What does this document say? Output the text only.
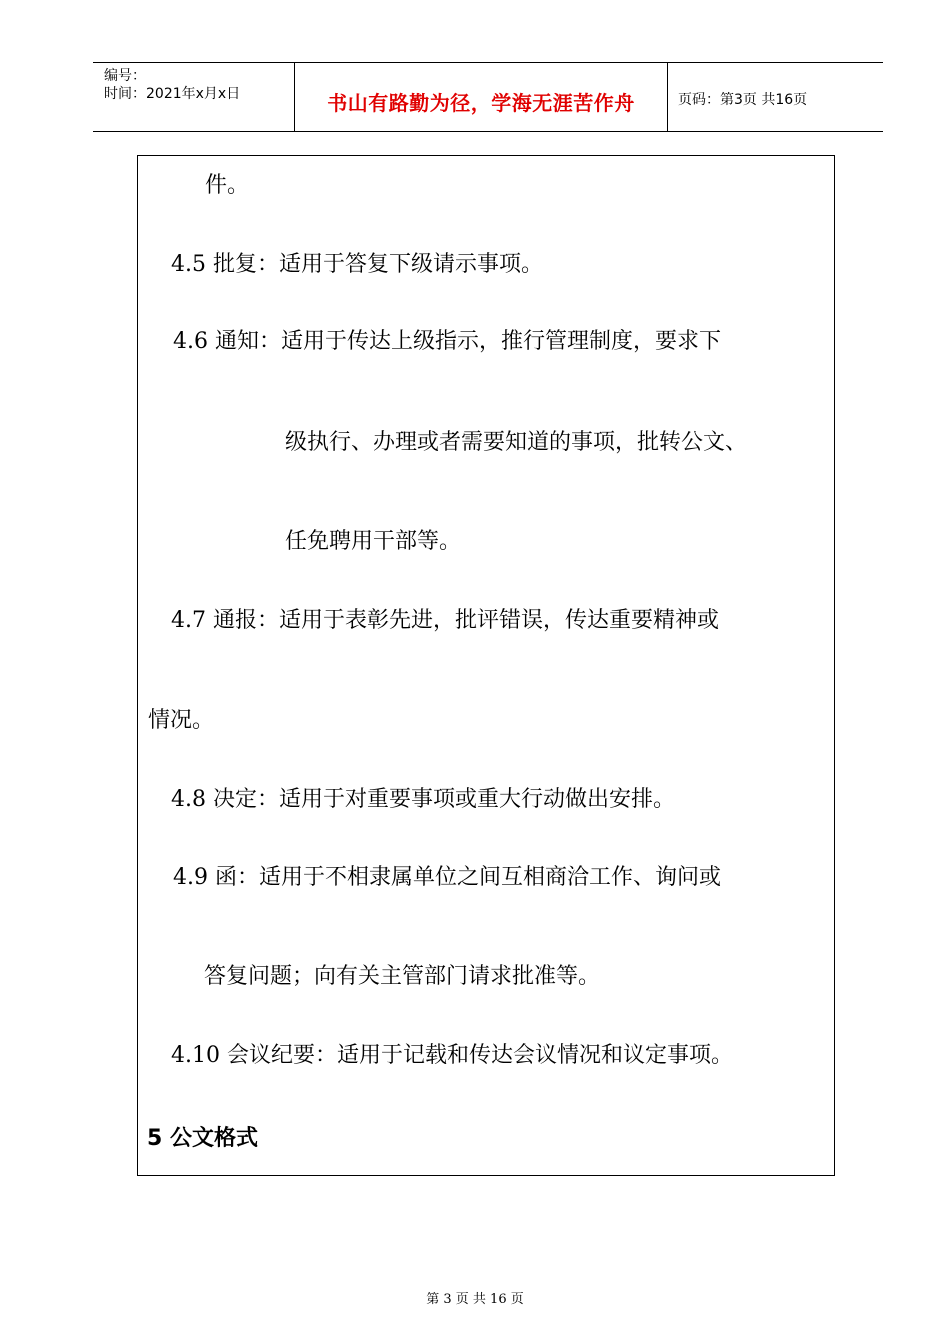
编号：
时间：2021年x月x日	书山有路勤为径，学海无涯苦作舟	页码：第3页 共16页
件。
4.5 批复：适用于答复下级请示事项。
4.6 通知：适用于传达上级指示，推行管理制度，要求下
级执行、办理或者需要知道的事项，批转公文、
任免聘用干部等。
4.7 通报：适用于表彰先进，批评错误，传达重要精神或
情况。
4.8 决定：适用于对重要事项或重大行动做出安排。
4.9 函：适用于不相隶属单位之间互相商洽工作、询问或
答复问题；向有关主管部门请求批准等。
4.10 会议纪要：适用于记载和传达会议情况和议定事项。
5 公文格式
第 3 页 共 16 页
